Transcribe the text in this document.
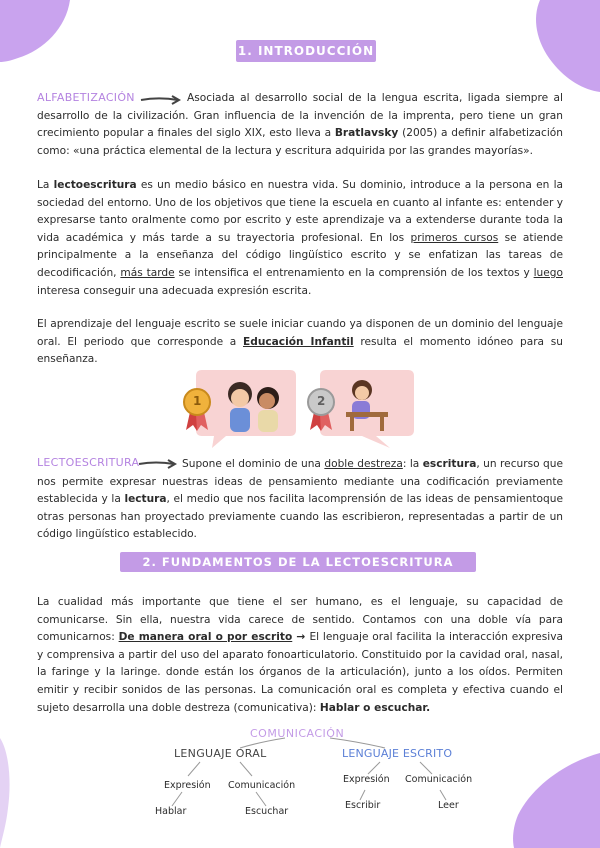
1. INTRODUCCIÓN
ALFABETIZACIÓN	Asociada al desarrollo social de la lengua escrita, ligada siempre al desarrollo de la civilización. Gran influencia de la invención de la imprenta, pero tiene un gran crecimiento popular a finales del siglo XIX, esto lleva a Bratlavsky (2005) a definir alfabetización como: «una práctica elemental de la lectura y escritura adquirida por las grandes mayorías».

La lectoescritura es un medio básico en nuestra vida. Su dominio, introduce a la persona en la sociedad del entorno. Uno de los objetivos que tiene la escuela en cuanto al infante es: entender y expresarse tanto oralmente como por escrito y este aprendizaje va a extenderse durante toda la vida académica y más tarde a su trayectoria profesional. En los primeros cursos se atiende principalmente a la enseñanza del código lingüístico escrito y se enfatizan las tareas de decodificación, más tarde se intensifica el entrenamiento en la comprensión de los textos y luego interesa conseguir una adecuada expresión escrita.

El aprendizaje del lenguaje escrito se suele iniciar cuando ya disponen de un dominio del lenguaje oral. El periodo que corresponde a Educación Infantil resulta el momento idóneo para su enseñanza.

1	2
LECTOESCRITURA	Supone el dominio de una doble destreza: la escritura, un recurso que nos permite expresar nuestras ideas de pensamiento mediante una codificación previamente establecida y la lectura, el medio que nos facilita lacomprensión de las ideas de pensamientoque otras personas han proyectado previamente cuando las escribieron, representadas a partir de un código lingüístico establecido.

2. FUNDAMENTOS DE LA LECTOESCRITURA

La cualidad más importante que tiene el ser humano, es el lenguaje, su capacidad de comunicarse. Sin ella, nuestra vida carece de sentido. Contamos con una doble vía para comunicarnos: De manera oral o por escrito → El lenguaje oral facilita la interacción expresiva y comprensiva a partir del uso del aparato fonoarticulatorio. Constituido por la cavidad oral, nasal, la faringe y la laringe. donde están los órganos de la articulación), junto a los oídos. Permiten emitir y recibir sonidos de las personas. La comunicación oral es completa y efectiva cuando el sujeto desarrolla una doble destreza (comunicativa): Hablar o escuchar.

COMUNICACIÓN
LENGUAJE ORAL	LENGUAJE ESCRITO
Expresión Comunicación
Hablar	Escuchar
Expresión Comunicación
Escribir	Leer
